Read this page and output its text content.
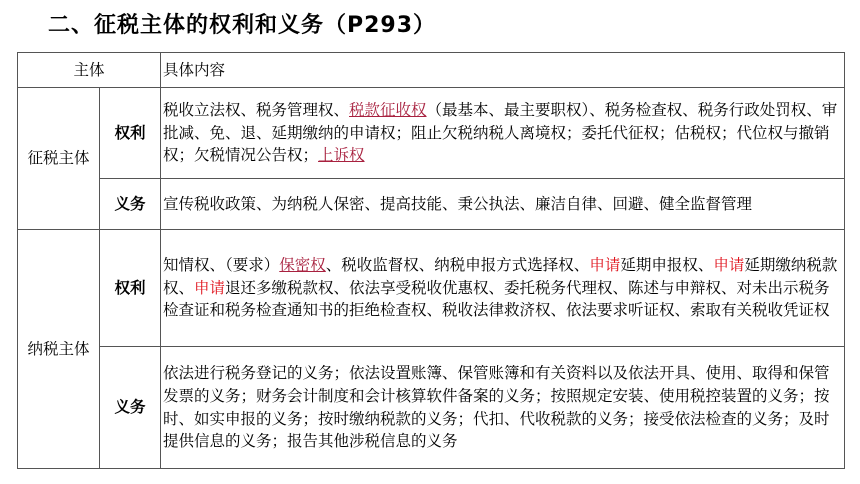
二、征税主体的权利和义务（P293）
主体		具体内容
征税主体	权利	税收立法权、税务管理权、税款征收权（最基本、最主要职权）、税务检查权、税务行政处罚权、审批减、免、退、延期缴纳的申请权；阻止欠税纳税人离境权；委托代征权；估税权；代位权与撤销权；欠税情况公告权；上诉权
	义务	宣传税收政策、为纳税人保密、提高技能、秉公执法、廉洁自律、回避、健全监督管理
纳税主体	权利	知情权、（要求）保密权、税收监督权、纳税申报方式选择权、申请延期申报权、申请延期缴纳税款权、申请退还多缴税款权、依法享受税收优惠权、委托税务代理权、陈述与申辩权、对未出示税务检查证和税务检查通知书的拒绝检查权、税收法律救济权、依法要求听证权、索取有关税收凭证权
	义务	依法进行税务登记的义务；依法设置账簿、保管账簿和有关资料以及依法开具、使用、取得和保管发票的义务；财务会计制度和会计核算软件备案的义务；按照规定安装、使用税控装置的义务；按时、如实申报的义务；按时缴纳税款的义务；代扣、代收税款的义务；接受依法检查的义务；及时提供信息的义务；报告其他涉税信息的义务
